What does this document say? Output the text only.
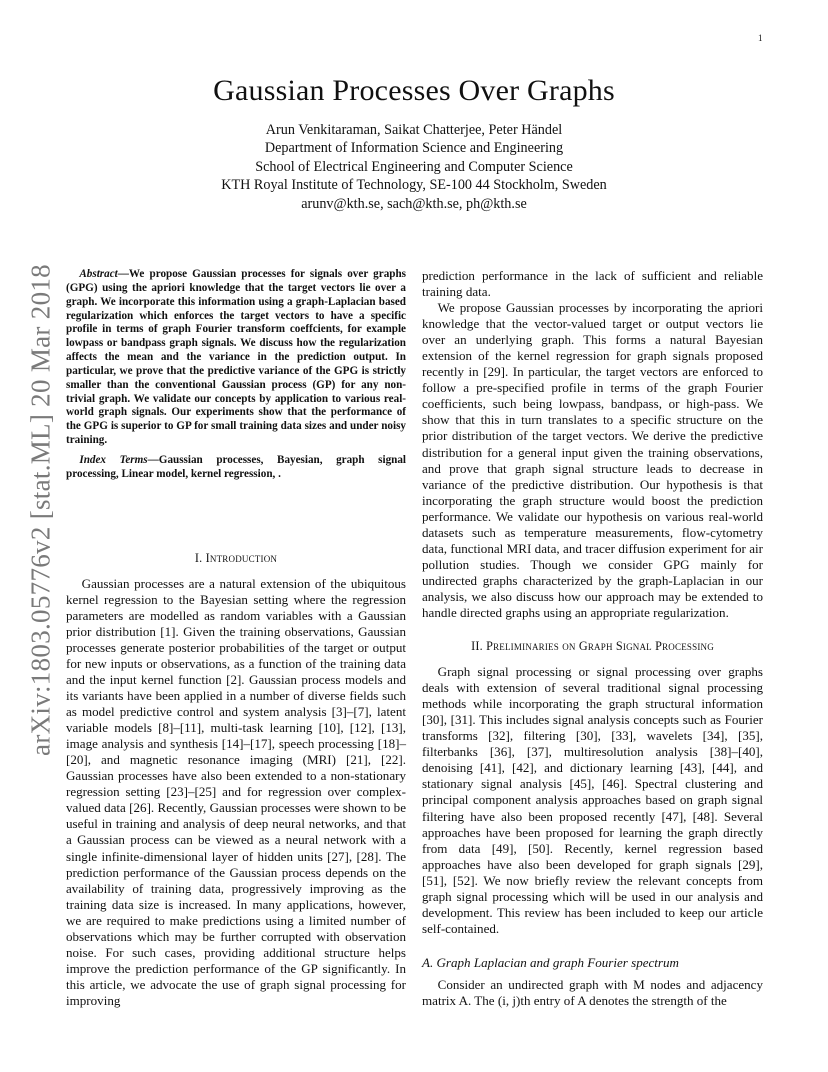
1
arXiv:1803.05776v2 [stat.ML] 20 Mar 2018
Gaussian Processes Over Graphs
Arun Venkitaraman, Saikat Chatterjee, Peter Händel
Department of Information Science and Engineering
School of Electrical Engineering and Computer Science
KTH Royal Institute of Technology, SE-100 44 Stockholm, Sweden
arunv@kth.se, sach@kth.se, ph@kth.se

Abstract—We propose Gaussian processes for signals over graphs (GPG) using the apriori knowledge that the target vectors lie over a graph. We incorporate this information using a graph-Laplacian based regularization which enforces the target vectors to have a specific profile in terms of graph Fourier transform coeffcients, for example lowpass or bandpass graph signals. We discuss how the regularization affects the mean and the variance in the prediction output. In particular, we prove that the predictive variance of the GPG is strictly smaller than the conventional Gaussian process (GP) for any non-trivial graph. We validate our concepts by application to various real-world graph signals. Our experiments show that the performance of the GPG is superior to GP for small training data sizes and under noisy training.

Index Terms—Gaussian processes, Bayesian, graph signal processing, Linear model, kernel regression, .

I. Introduction

Gaussian processes are a natural extension of the ubiquitous kernel regression to the Bayesian setting where the regression parameters are modelled as random variables with a Gaussian prior distribution [1]. Given the training observations, Gaussian processes generate posterior probabilities of the target or output for new inputs or observations, as a function of the training data and the input kernel function [2]. Gaussian process models and its variants have been applied in a number of diverse fields such as model predictive control and system analysis [3]–[7], latent variable models [8]–[11], multi-task learning [10], [12], [13], image analysis and synthesis [14]–[17], speech processing [18]–[20], and magnetic resonance imaging (MRI) [21], [22]. Gaussian processes have also been extended to a non-stationary regression setting [23]–[25] and for regression over complex-valued data [26]. Recently, Gaussian processes were shown to be useful in training and analysis of deep neural networks, and that a Gaussian process can be viewed as a neural network with a single infinite-dimensional layer of hidden units [27], [28]. The prediction performance of the Gaussian process depends on the availability of training data, progressively improving as the training data size is increased. In many applications, however, we are required to make predictions using a limited number of observations which may be further corrupted with observation noise. For such cases, providing additional structure helps improve the prediction performance of the GP significantly. In this article, we advocate the use of graph signal processing for improving

prediction performance in the lack of sufficient and reliable training data.

We propose Gaussian processes by incorporating the apriori knowledge that the vector-valued target or output vectors lie over an underlying graph. This forms a natural Bayesian extension of the kernel regression for graph signals proposed recently in [29]. In particular, the target vectors are enforced to follow a pre-specified profile in terms of the graph Fourier coefficients, such being lowpass, bandpass, or high-pass. We show that this in turn translates to a specific structure on the prior distribution of the target vectors. We derive the predictive distribution for a general input given the training observations, and prove that graph signal structure leads to decrease in variance of the predictive distribution. Our hypothesis is that incorporating the graph structure would boost the prediction performance. We validate our hypothesis on various real-world datasets such as temperature measurements, flow-cytometry data, functional MRI data, and tracer diffusion experiment for air pollution studies. Though we consider GPG mainly for undirected graphs characterized by the graph-Laplacian in our analysis, we also discuss how our approach may be extended to handle directed graphs using an appropriate regularization.

II. Preliminaries on Graph Signal Processing

Graph signal processing or signal processing over graphs deals with extension of several traditional signal processing methods while incorporating the graph structural information [30], [31]. This includes signal analysis concepts such as Fourier transforms [32], filtering [30], [33], wavelets [34], [35], filterbanks [36], [37], multiresolution analysis [38]–[40], denoising [41], [42], and dictionary learning [43], [44], and stationary signal analysis [45], [46]. Spectral clustering and principal component analysis approaches based on graph signal filtering have also been proposed recently [47], [48]. Several approaches have been proposed for learning the graph directly from data [49], [50]. Recently, kernel regression based approaches have also been developed for graph signals [29], [51], [52]. We now briefly review the relevant concepts from graph signal processing which will be used in our analysis and development. This review has been included to keep our article self-contained.

A. Graph Laplacian and graph Fourier spectrum

Consider an undirected graph with M nodes and adjacency matrix A. The (i, j)th entry of A denotes the strength of the
